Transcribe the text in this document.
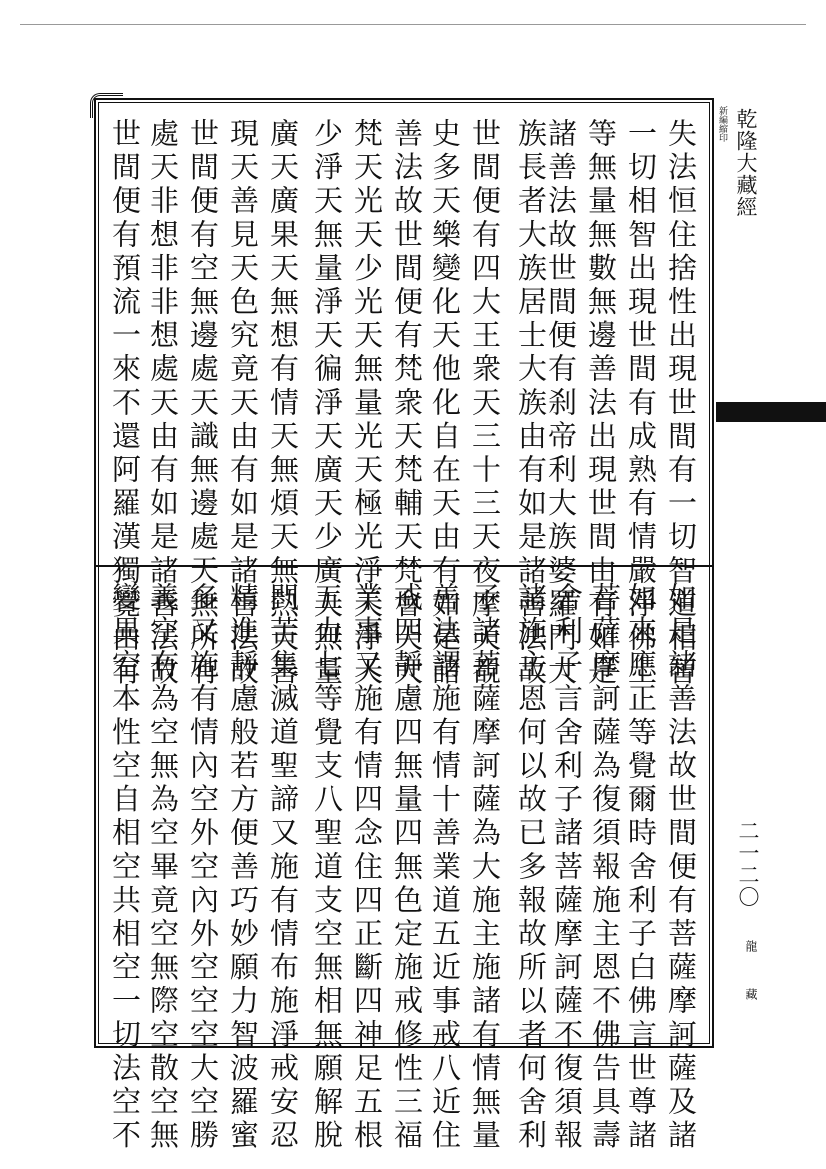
失法恒住捨性出現世間有一切智道相智
一切相智出現世間有成熟有情嚴淨佛土
等無量無數無邊善法出現世間由有如是
諸善法故世間便有刹帝利大族婆羅門大
族長者大族居士大族由有如是諸善法故
世間便有四大王衆天三十三天夜摩天覩
史多天樂變化天他化自在天由有如是諸
善法故世間便有梵衆天梵輔天梵會天大
梵天光天少光天無量光天極光淨天淨天
少淨天無量淨天徧淨天廣天少廣天無量
廣天廣果天無想有情天無煩天無熱天善
現天善見天色究竟天由有如是諸善法故
世間便有空無邊處天識無邊處天無所有
處天非想非非想處天由有如是諸善法故
世間便有預流一來不還阿羅漢獨覺由有
如是諸善法故世間便有菩薩摩訶薩及諸
如來應正等覺爾時舍利子白佛言世尊諸
菩薩摩訶薩為復須報施主恩不佛告具壽
舍利子言舍利子諸菩薩摩訶薩不復須報
諸施主恩何以故已多報故所以者何舍利
子諸菩薩摩訶薩為大施主施諸有情無量
善法謂施有情十善業道五近事戒八近住
戒四靜慮四無量四無色定施戒修性三福
業事又施有情四念住四正斷四神足五根
五力七等覺支八聖道支空無相無願解脫
門苦集滅道聖諦又施有情布施淨戒安忍
精進靜慮般若方便善巧妙願力智波羅蜜
多又施有情內空外空內外空空空大空勝
義空有為空無為空畢竟空無際空散空無
變異空本性空自相空共相空一切法空不
新編縮印 乾隆大藏經
二一二〇
龍藏
